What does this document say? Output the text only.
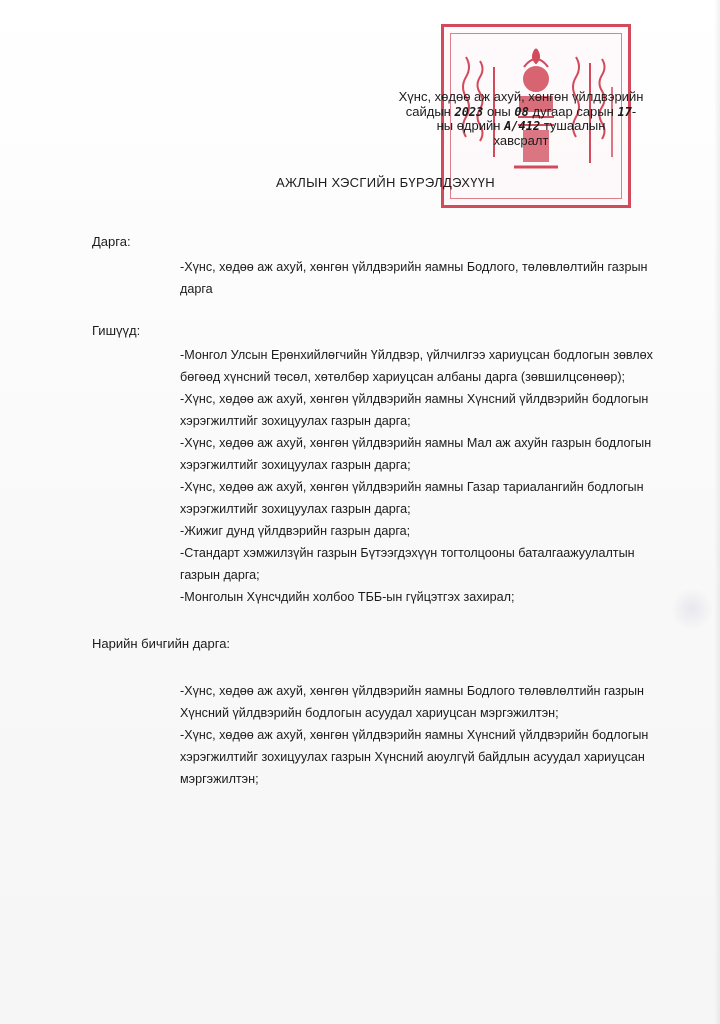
Хүнс, хөдөө аж ахуй, хөнгөн үйлдвэрийн
сайдын 2023 оны 08 дугаар сарын 17-
ны өдрийн А/412 тушаалын
хавсралт
АЖЛЫН ХЭСГИЙН БҮРЭЛДЭХҮҮН
Дарга:
-Хүнс, хөдөө аж ахуй, хөнгөн үйлдвэрийн яамны Бодлого, төлөвлөлтийн газрын
дарга
Гишүүд:
-Монгол Улсын Ерөнхийлөгчийн Үйлдвэр, үйлчилгээ хариуцсан бодлогын зөвлөх
бөгөөд хүнсний төсөл, хөтөлбөр хариуцсан албаны дарга (зөвшилцсөнөөр);
-Хүнс, хөдөө аж ахуй, хөнгөн үйлдвэрийн яамны Хүнсний үйлдвэрийн бодлогын
хэрэгжилтийг зохицуулах газрын дарга;
-Хүнс, хөдөө аж ахуй, хөнгөн үйлдвэрийн яамны Мал аж ахуйн газрын бодлогын
хэрэгжилтийг зохицуулах газрын дарга;
-Хүнс, хөдөө аж ахуй, хөнгөн үйлдвэрийн яамны Газар тариалангийн бодлогын
хэрэгжилтийг зохицуулах газрын дарга;
-Жижиг дунд үйлдвэрийн газрын дарга;
-Стандарт хэмжилзүйн газрын Бүтээгдэхүүн тогтолцооны баталгаажуулалтын
газрын дарга;
-Монголын Хүнсчдийн холбоо ТББ-ын гүйцэтгэх захирал;
Нарийн бичгийн дарга:
-Хүнс, хөдөө аж ахуй, хөнгөн үйлдвэрийн яамны Бодлого төлөвлөлтийн газрын
Хүнсний үйлдвэрийн бодлогын асуудал хариуцсан мэргэжилтэн;
-Хүнс, хөдөө аж ахуй, хөнгөн үйлдвэрийн яамны Хүнсний үйлдвэрийн бодлогын
хэрэгжилтийг зохицуулах газрын Хүнсний аюулгүй байдлын асуудал хариуцсан
мэргэжилтэн;
